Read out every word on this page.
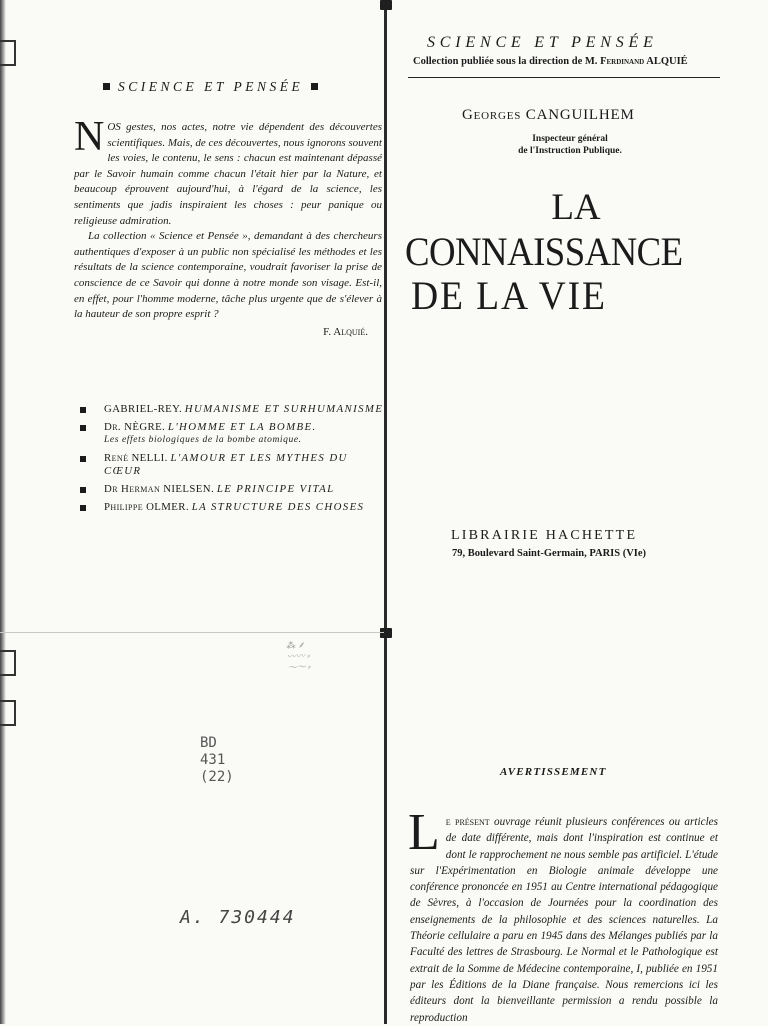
SCIENCE ET PENSÉE

NOS gestes, nos actes, notre vie dépendent des découvertes scientifiques. Mais, de ces découvertes, nous ignorons souvent les voies, le contenu, le sens : chacun est maintenant dépassé par le Savoir humain comme chacun l'était hier par la Nature, et beaucoup éprouvent aujourd'hui, à l'égard de la science, les sentiments que jadis inspiraient les choses : peur panique ou religieuse admiration.

La collection « Science et Pensée », demandant à des chercheurs authentiques d'exposer à un public non spécialisé les méthodes et les résultats de la science contemporaine, voudrait favoriser la prise de conscience de ce Savoir qui donne à notre monde son visage. Est-il, en effet, pour l'homme moderne, tâche plus urgente que de s'élever à la hauteur de son propre esprit ?

F. Alquié.
GABRIEL-REY. HUMANISME ET SURHUMANISME
Dr. NÈGRE. L'HOMME ET LA BOMBE.
Les effets biologiques de la bombe atomique.
René NELLI. L'AMOUR ET LES MYTHES DU CŒUR
Dr Herman NIELSEN. LE PRINCIPE VITAL
Philippe OLMER. LA STRUCTURE DES CHOSES
⁂ ⸙
〰〰 ⸗
〜〜 ⸗
BD
431
(22)
A. 730444
SCIENCE ET PENSÉE
Collection publiée sous la direction de M. Ferdinand ALQUIÉ
Georges CANGUILHEM
Inspecteur général
de l'Instruction Publique.
LA
CONNAISSANCE
DE LA VIE
LIBRAIRIE HACHETTE
79, Boulevard Saint-Germain, PARIS (VIe)
AVERTISSEMENT
Le présent ouvrage réunit plusieurs conférences ou articles de date différente, mais dont l'inspiration est continue et dont le rapprochement ne nous semble pas artificiel. L'étude sur l'Expérimentation en Biologie animale développe une conférence prononcée en 1951 au Centre international pédagogique de Sèvres, à l'occasion de Journées pour la coordination des enseignements de la philosophie et des sciences naturelles. La Théorie cellulaire a paru en 1945 dans des Mélanges publiés par la Faculté des lettres de Strasbourg. Le Normal et le Pathologique est extrait de la Somme de Médecine contemporaine, I, publiée en 1951 par les Éditions de la Diane française. Nous remercions ici les éditeurs dont la bienveillante permission a rendu possible la reproduction
